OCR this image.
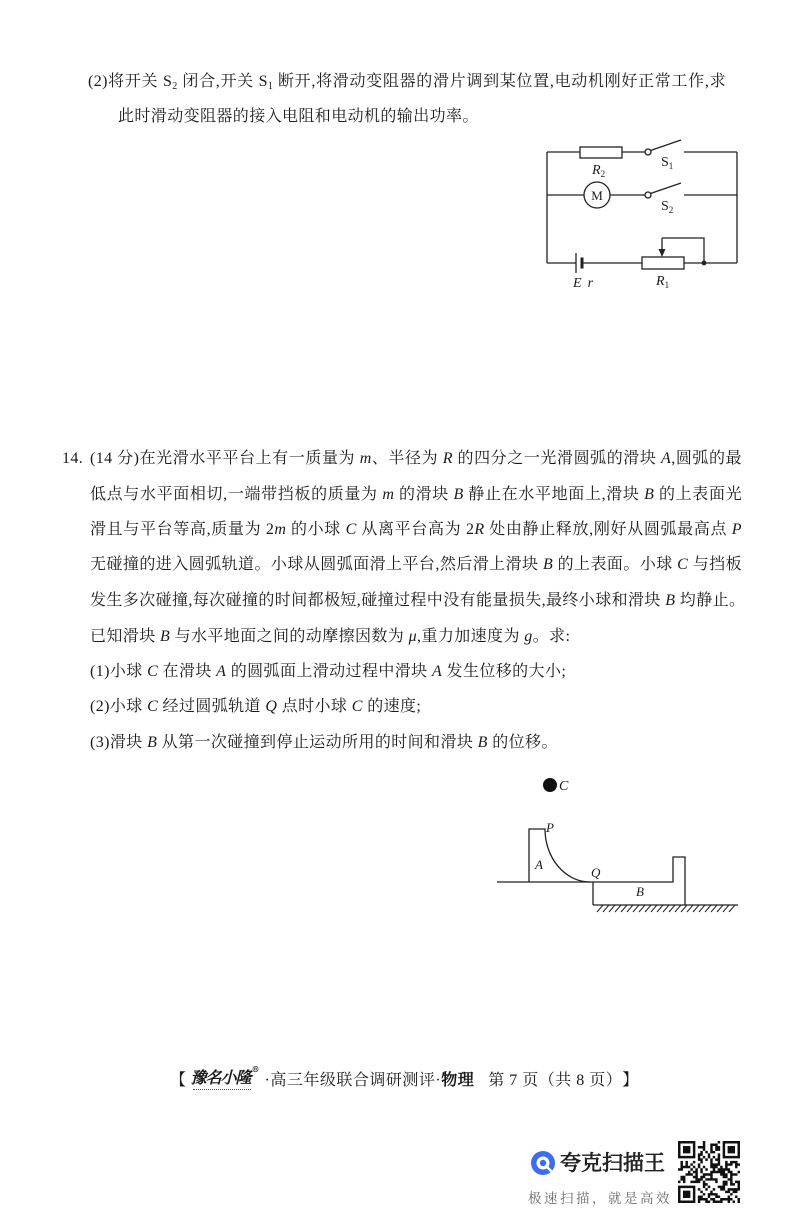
(2)将开关 $S_2$ 闭合,开关 $S_1$ 断开,将滑动变阻器的滑片调到某位置,电动机刚好正常工作,求
此时滑动变阻器的接入电阻和电动机的输出功率。
14. (14 分)在光滑水平平台上有一质量为 m、半径为 R 的四分之一光滑圆弧的滑块 A,圆弧的最
低点与水平面相切,一端带挡板的质量为 m 的滑块 B 静止在水平地面上,滑块 B 的上表面光
滑且与平台等高,质量为 2m 的小球 C 从离平台高为 2R 处由静止释放,刚好从圆弧最高点 P
无碰撞的进入圆弧轨道。小球从圆弧面滑上平台,然后滑上滑块 B 的上表面。小球 C 与挡板
发生多次碰撞,每次碰撞的时间都极短,碰撞过程中没有能量损失,最终小球和滑块 B 均静止。
已知滑块 B 与水平地面之间的动摩擦因数为 μ,重力加速度为 g。求:
(1)小球 C 在滑块 A 的圆弧面上滑动过程中滑块 A 发生位移的大小;
(2)小球 C 经过圆弧轨道 Q 点时小球 C 的速度;
(3)滑块 B 从第一次碰撞到停止运动所用的时间和滑块 B 的位移。
$R_2$
$S_1$
M
$S_2$
E r	$R_1$
C
P
A
Q
B
【 豫名小隆 ®
·高三年级联合调研测评· 物理 第 7 页（共 8 页） 】
夸克扫描王
极速扫描，就是高效
